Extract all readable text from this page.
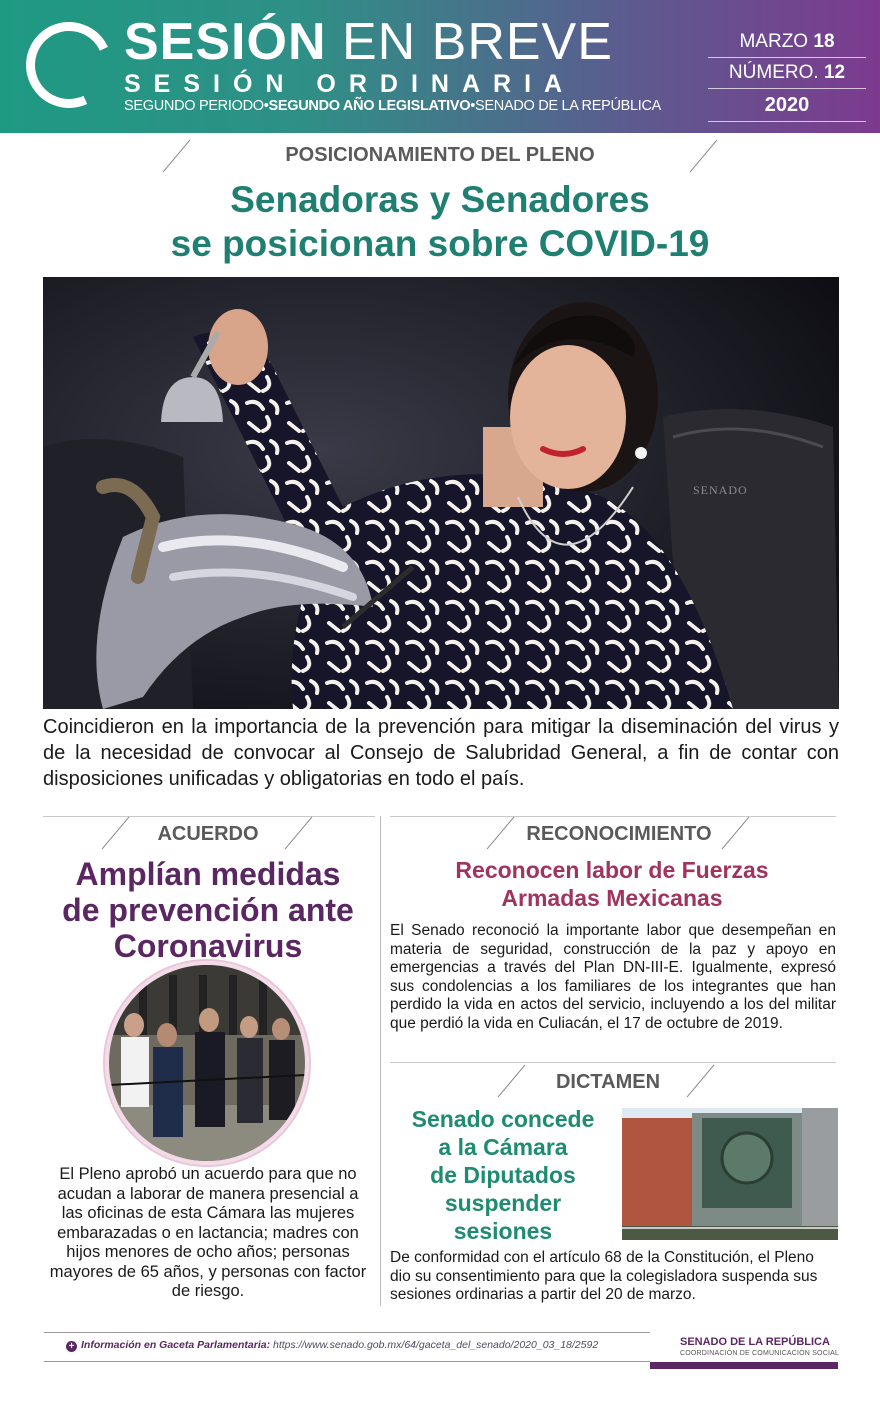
SESIÓN EN BREVE
SESIÓN ORDINARIA
SEGUNDO PERIODO•SEGUNDO AÑO LEGISLATIVO•SENADO DE LA REPÚBLICA
MARZO 18
NÚMERO. 12
2020
POSICIONAMIENTO DEL PLENO
Senadoras y Senadores
se posicionan sobre COVID-19
SENADO
Coincidieron en la importancia de la prevención para mitigar la diseminación del virus y de la necesidad de convocar al Consejo de Salubridad General, a fin de contar con disposiciones unificadas y obligatorias en todo el país.
ACUERDO
Amplían medidas
de prevención ante
Coronavirus
El Pleno aprobó un acuerdo para que no acudan a laborar de manera presencial a las oficinas de esta Cámara las mujeres embarazadas o en lactancia; madres con hijos menores de ocho años; personas mayores de 65 años, y personas con factor de riesgo.
RECONOCIMIENTO
Reconocen labor de Fuerzas
Armadas Mexicanas
El Senado reconoció la importante labor que desempeñan en materia de seguridad, construcción de la paz y apoyo en emergencias a través del Plan DN-III-E. Igualmente, expresó sus condolencias a los familiares de los integrantes que han perdido la vida en actos del servicio, incluyendo a los del militar que perdió la vida en Culiacán, el 17 de octubre de 2019.
DICTAMEN
Senado concede
a la Cámara
de Diputados
suspender
sesiones
De conformidad con el artículo 68 de la Constitución, el Pleno dio su consentimiento para que la colegisladora suspenda sus sesiones ordinarias a partir del 20 de marzo.
+ Información en Gaceta Parlamentaria: https://www.senado.gob.mx/64/gaceta_del_senado/2020_03_18/2592	SENADO DE LA REPÚBLICA
COORDINACIÓN DE COMUNICACIÓN SOCIAL
